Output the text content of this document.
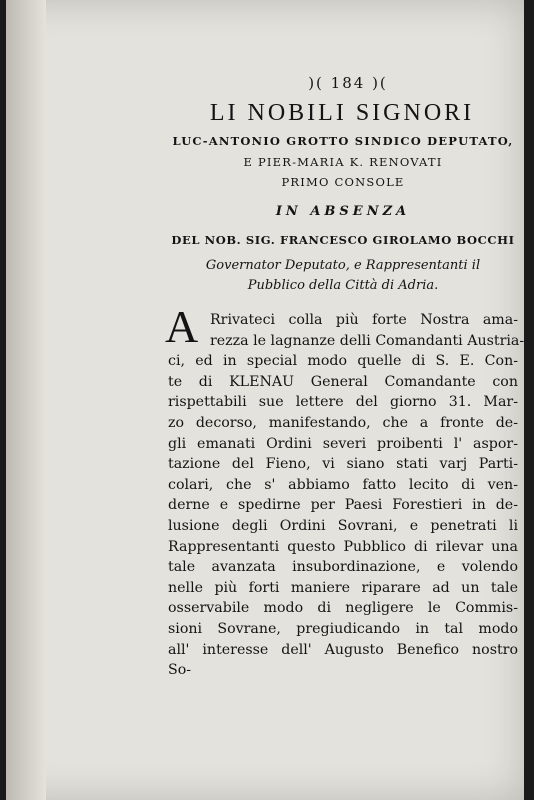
)( 184 )(
LI NOBILI SIGNORI
LUC-ANTONIO GROTTO SINDICO DEPUTATO,
E PIER-MARIA K. RENOVATI
PRIMO CONSOLE
IN ABSENZA
DEL NOB. SIG. FRANCESCO GIROLAMO BOCCHI
Governator Deputato, e Rappresentanti il
Pubblico della Città di Adria.
A Rrivateci colla più forte Nostra ama-
rezza le lagnanze delli Comandanti Austria-
ci, ed in special modo quelle di S. E. Con-
te di KLENAU General Comandante con
rispettabili sue lettere del giorno 31. Mar-
zo decorso, manifestando, che a fronte de-
gli emanati Ordini severi proibenti l' aspor-
tazione del Fieno, vi siano stati varj Parti-
colari, che s' abbiamo fatto lecito di ven-
derne e spedirne per Paesi Forestieri in de-
lusione degli Ordini Sovrani, e penetrati li
Rappresentanti questo Pubblico di rilevar una
tale avanzata insubordinazione, e volendo
nelle più forti maniere riparare ad un tale
osservabile modo di negligere le Commis-
sioni Sovrane, pregiudicando in tal modo
all' interesse dell' Augusto Benefico nostro
So-
